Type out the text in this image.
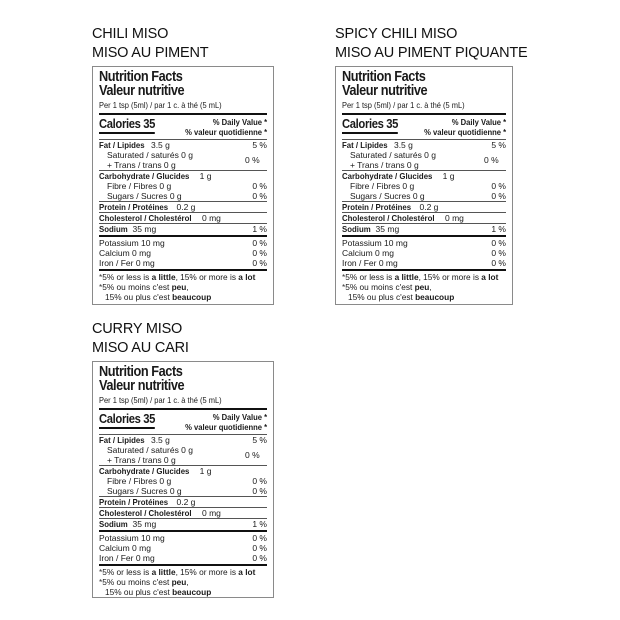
CHILI MISO
MISO AU PIMENT
Nutrition Facts
Valeur nutritive
Per 1 tsp (5ml) / par 1 c. à thé (5 mL)
Calories 35	% Daily Value *
% valeur quotidienne *
Fat / Lipides 3.5 g	5 %
Saturated / saturés 0 g
+ Trans / trans 0 g	0 %
Carbohydrate / Glucides 1 g
Fibre / Fibres 0 g	0 %
Sugars / Sucres 0 g	0 %
Protein / Protéines 0.2 g
Cholesterol / Cholestérol 0 mg
Sodium 35 mg	1 %
Potassium 10 mg	0 %
Calcium 0 mg	0 %
Iron / Fer 0 mg	0 %
*5% or less is a little, 15% or more is a lot
*5% ou moins c'est peu,
15% ou plus c'est beaucoup
SPICY CHILI MISO
MISO AU PIMENT PIQUANTE
Nutrition Facts
Valeur nutritive
Per 1 tsp (5ml) / par 1 c. à thé (5 mL)
Calories 35	% Daily Value *
% valeur quotidienne *
Fat / Lipides 3.5 g	5 %
Saturated / saturés 0 g
+ Trans / trans 0 g	0 %
Carbohydrate / Glucides 1 g
Fibre / Fibres 0 g	0 %
Sugars / Sucres 0 g	0 %
Protein / Protéines 0.2 g
Cholesterol / Cholestérol 0 mg
Sodium 35 mg	1 %
Potassium 10 mg	0 %
Calcium 0 mg	0 %
Iron / Fer 0 mg	0 %
*5% or less is a little, 15% or more is a lot
*5% ou moins c'est peu,
15% ou plus c'est beaucoup
CURRY MISO
MISO AU CARI
Nutrition Facts
Valeur nutritive
Per 1 tsp (5ml) / par 1 c. à thé (5 mL)
Calories 35	% Daily Value *
% valeur quotidienne *
Fat / Lipides 3.5 g	5 %
Saturated / saturés 0 g
+ Trans / trans 0 g	0 %
Carbohydrate / Glucides 1 g
Fibre / Fibres 0 g	0 %
Sugars / Sucres 0 g	0 %
Protein / Protéines 0.2 g
Cholesterol / Cholestérol 0 mg
Sodium 35 mg	1 %
Potassium 10 mg	0 %
Calcium 0 mg	0 %
Iron / Fer 0 mg	0 %
*5% or less is a little, 15% or more is a lot
*5% ou moins c'est peu,
15% ou plus c'est beaucoup
